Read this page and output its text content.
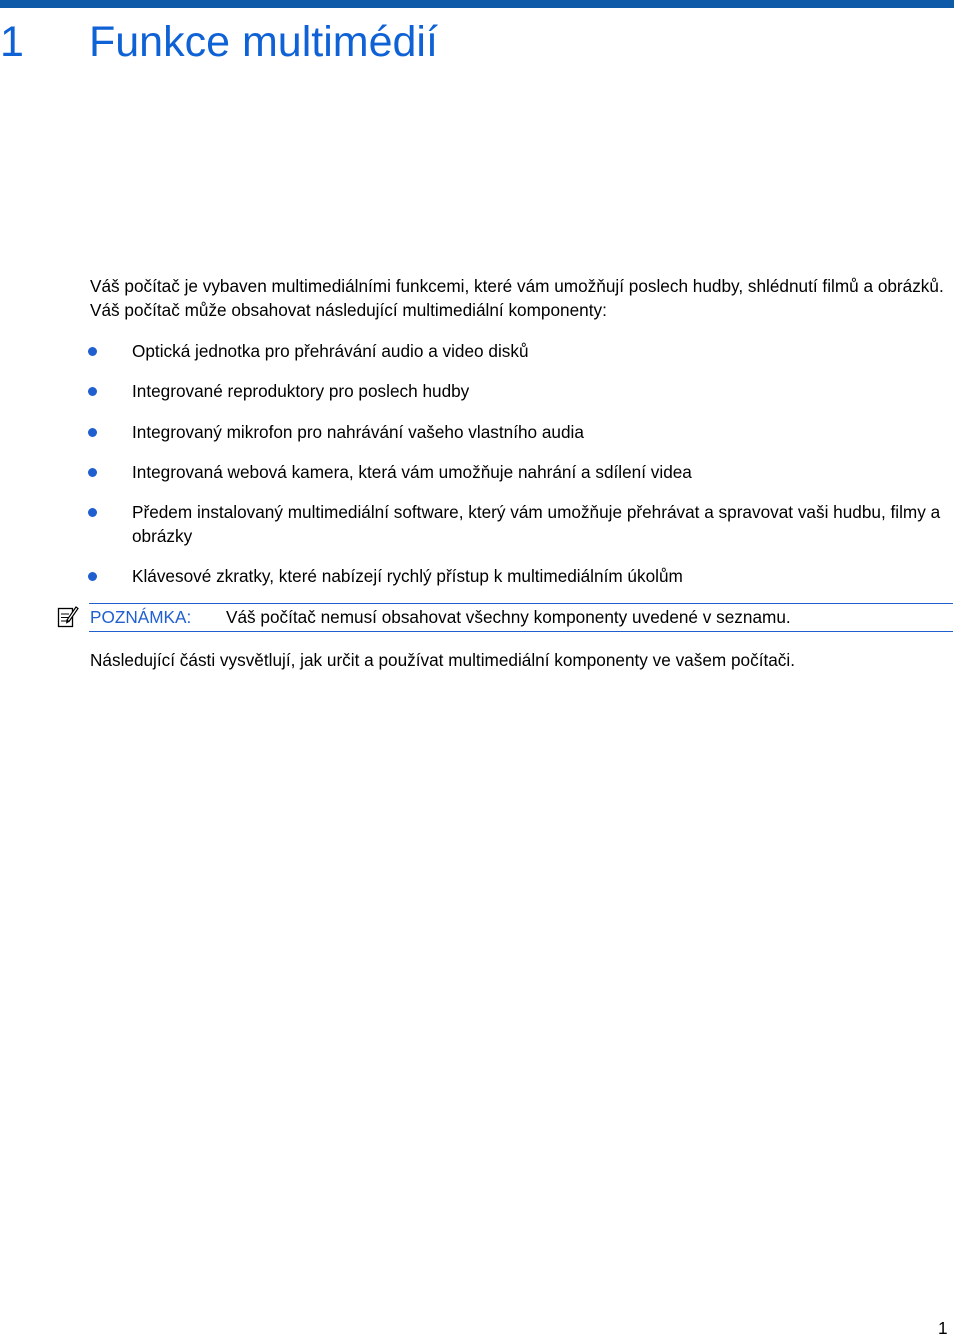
1 Funkce multimédií

Váš počítač je vybaven multimediálními funkcemi, které vám umožňují poslech hudby, shlédnutí filmů a obrázků. Váš počítač může obsahovat následující multimediální komponenty:

Optická jednotka pro přehrávání audio a video disků
Integrované reproduktory pro poslech hudby
Integrovaný mikrofon pro nahrávání vašeho vlastního audia
Integrovaná webová kamera, která vám umožňuje nahrání a sdílení videa
Předem instalovaný multimediální software, který vám umožňuje přehrávat a spravovat vaši hudbu, filmy a obrázky
Klávesové zkratky, které nabízejí rychlý přístup k multimediálním úkolům
POZNÁMKA: Váš počítač nemusí obsahovat všechny komponenty uvedené v seznamu.

Následující části vysvětlují, jak určit a používat multimediální komponenty ve vašem počítači.

1
